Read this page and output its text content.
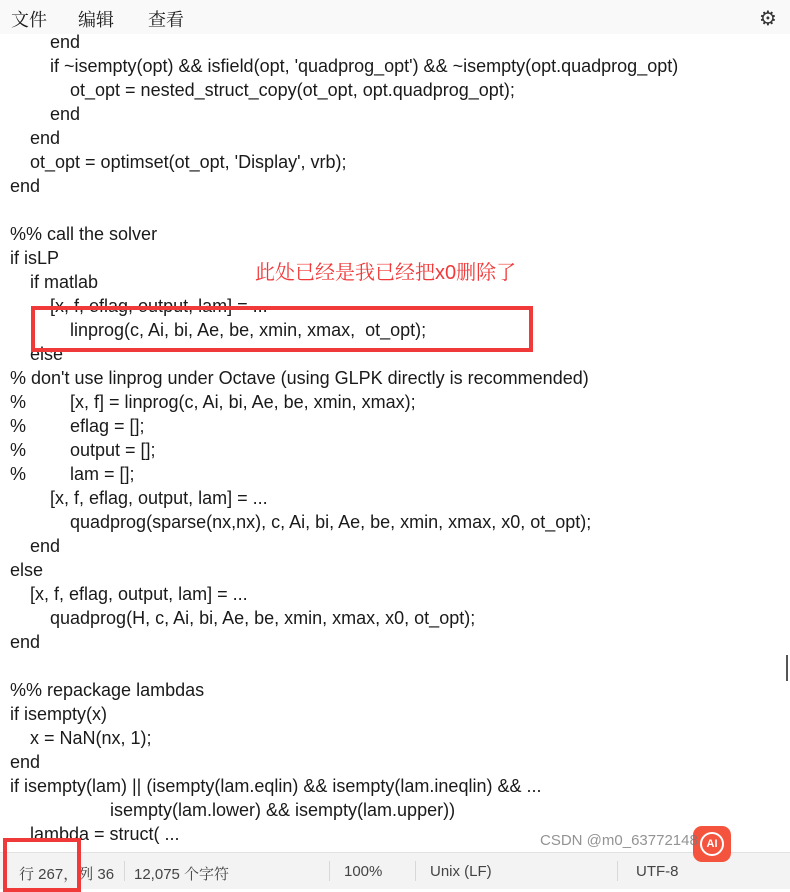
文件 编辑 查看	⚙
end
if ~isempty(opt) && isfield(opt, 'quadprog_opt') && ~isempty(opt.quadprog_opt)
ot_opt = nested_struct_copy(ot_opt, opt.quadprog_opt);
end
end
ot_opt = optimset(ot_opt, 'Display', vrb);
end
%% call the solver
if isLP
if matlab
[x, f, eflag, output, lam] = ...
linprog(c, Ai, bi, Ae, be, xmin, xmax,  ot_opt);
else
% don't use linprog under Octave (using GLPK directly is recommended)
%	[x, f] = linprog(c, Ai, bi, Ae, be, xmin, xmax);
%	eflag = [];
%	output = [];
%	lam = [];
[x, f, eflag, output, lam] = ...
quadprog(sparse(nx,nx), c, Ai, bi, Ae, be, xmin, xmax, x0, ot_opt);
end
else
[x, f, eflag, output, lam] = ...
quadprog(H, c, Ai, bi, Ae, be, xmin, xmax, x0, ot_opt);
end
%% repackage lambdas
if isempty(x)
x = NaN(nx, 1);
end
if isempty(lam) || (isempty(lam.eqlin) && isempty(lam.ineqlin) && ...
isempty(lam.lower) && isempty(lam.upper))
lambda = struct( ...
此处已经是我已经把x0删除了
行 267，列 36 12,075 个字符	100%	Unix (LF)	UTF-8
AI
CSDN @m0_63772148
